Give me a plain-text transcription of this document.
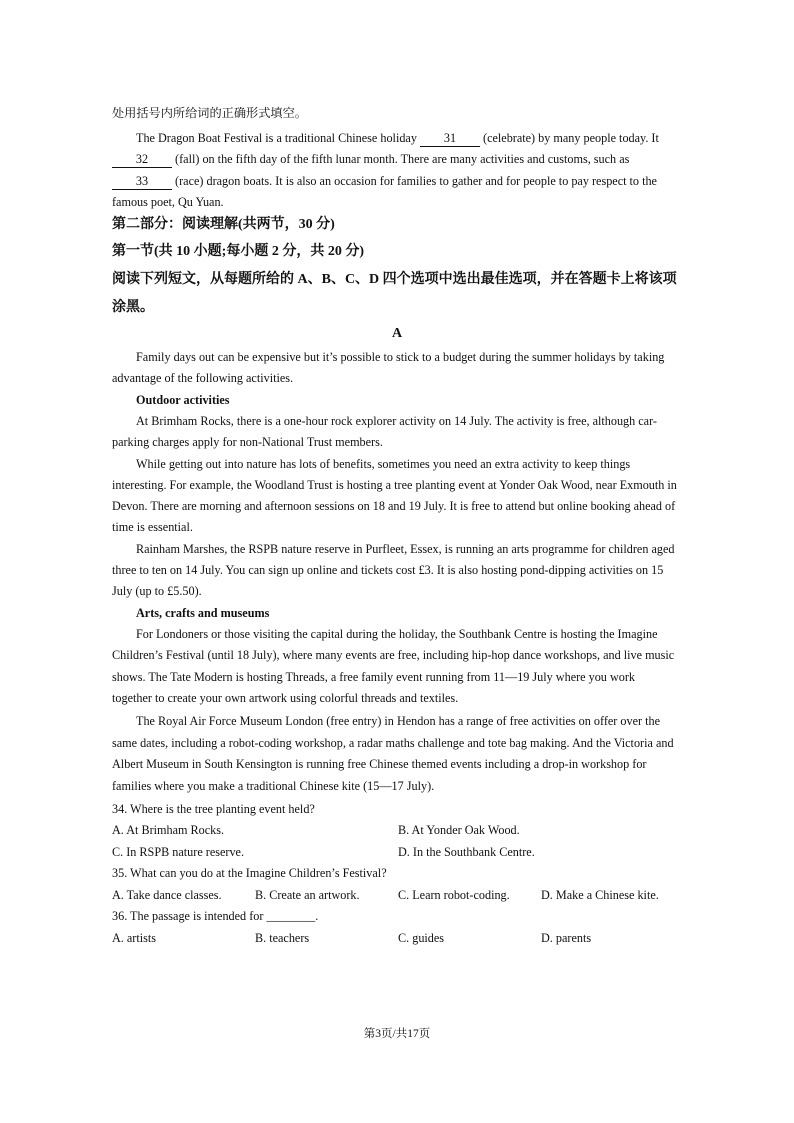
处用括号内所给词的正确形式填空。
The Dragon Boat Festival is a traditional Chinese holiday 31 (celebrate) by many people today. It
32 (fall) on the fifth day of the fifth lunar month. There are many activities and customs, such as
33 (race) dragon boats. It is also an occasion for families to gather and for people to pay respect to the
famous poet, Qu Yuan.
第二部分：阅读理解(共两节，30 分)
第一节(共 10 小题;每小题 2 分，共 20 分)
阅读下列短文，从每题所给的 A、B、C、D 四个选项中选出最佳选项，并在答题卡上将该项
涂黑。
A
Family days out can be expensive but it’s possible to stick to a budget during the summer holidays by taking
advantage of the following activities.
Outdoor activities
At Brimham Rocks, there is a one-hour rock explorer activity on 14 July. The activity is free, although car-
parking charges apply for non-National Trust members.
While getting out into nature has lots of benefits, sometimes you need an extra activity to keep things
interesting. For example, the Woodland Trust is hosting a tree planting event at Yonder Oak Wood, near Exmouth in
Devon. There are morning and afternoon sessions on 18 and 19 July. It is free to attend but online booking ahead of
time is essential.
Rainham Marshes, the RSPB nature reserve in Purfleet, Essex, is running an arts programme for children aged
three to ten on 14 July. You can sign up online and tickets cost £3. It is also hosting pond-dipping activities on 15
July (up to £5.50).
Arts, crafts and museums
For Londoners or those visiting the capital during the holiday, the Southbank Centre is hosting the Imagine
Children’s Festival (until 18 July), where many events are free, including hip-hop dance workshops, and live music
shows. The Tate Modern is hosting Threads, a free family event running from 11—19 July where you work
together to create your own artwork using colorful threads and textiles.
The Royal Air Force Museum London (free entry) in Hendon has a range of free activities on offer over the
same dates, including a robot-coding workshop, a radar maths challenge and tote bag making. And the Victoria and
Albert Museum in South Kensington is running free Chinese themed events including a drop-in workshop for
families where you make a traditional Chinese kite (15—17 July).
34. Where is the tree planting event held?
A. At Brimham Rocks.	B. At Yonder Oak Wood.
C. In RSPB nature reserve.	D. In the Southbank Centre.
35. What can you do at the Imagine Children’s Festival?
A. Take dance classes.	B. Create an artwork.	C. Learn robot-coding.	D. Make a Chinese kite.
36. The passage is intended for ________.
A. artists	B. teachers	C. guides	D. parents
第3页/共17页
